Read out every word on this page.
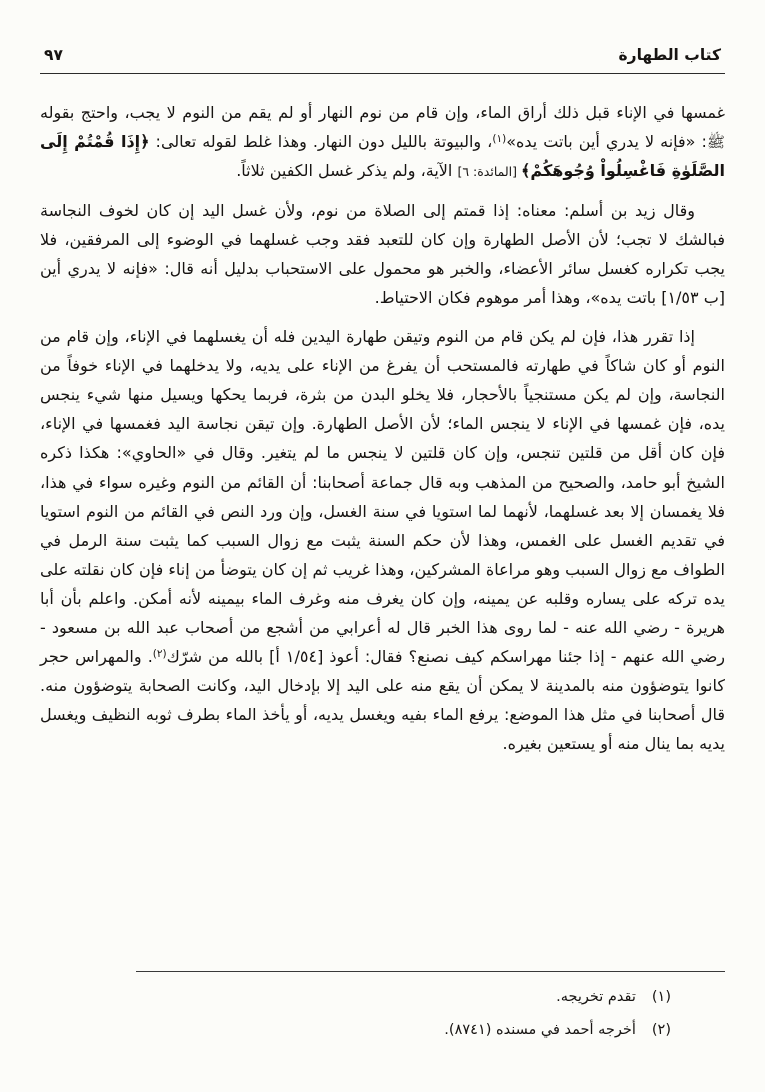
كتاب الطهارة
٩٧

غمسها في الإناء قبل ذلك أراق الماء، وإن قام من نوم النهار أو لم يقم من النوم لا يجب، واحتج بقوله ﷺ: «فإنه لا يدري أين باتت يده»$^{(١)}$، والبيوتة بالليل دون النهار. وهذا غلط لقوله تعالى: ﴿إِذَا قُمْتُمْ إِلَى الصَّلَوٰةِ فَاغْسِلُواْ وُجُوهَكُمْ﴾ [المائدة: ٦] الآية، ولم يذكر غسل الكفين ثلاثاً.

وقال زيد بن أسلم: معناه: إذا قمتم إلى الصلاة من نوم، ولأن غسل اليد إن كان لخوف النجاسة فبالشك لا تجب؛ لأن الأصل الطهارة وإن كان للتعبد فقد وجب غسلهما في الوضوء إلى المرفقين، فلا يجب تكراره كغسل سائر الأعضاء، والخبر هو محمول على الاستحباب بدليل أنه قال: «فإنه لا يدري أين [ب ١/٥٣] باتت يده»، وهذا أمر موهوم فكان الاحتياط.

إذا تقرر هذا، فإن لم يكن قام من النوم وتيقن طهارة اليدين فله أن يغسلهما في الإناء، وإن قام من النوم أو كان شاكاً في طهارته فالمستحب أن يفرغ من الإناء على يديه، ولا يدخلهما في الإناء خوفاً من النجاسة، وإن لم يكن مستنجياً بالأحجار، فلا يخلو البدن من بثرة، فربما يحكها ويسيل منها شيء ينجس يده، فإن غمسها في الإناء لا ينجس الماء؛ لأن الأصل الطهارة. وإن تيقن نجاسة اليد فغمسها في الإناء، فإن كان أقل من قلتين تنجس، وإن كان قلتين لا ينجس ما لم يتغير. وقال في «الحاوي»: هكذا ذكره الشيخ أبو حامد، والصحيح من المذهب وبه قال جماعة أصحابنا: أن القائم من النوم وغيره سواء في هذا، فلا يغمسان إلا بعد غسلهما، لأنهما لما استويا في سنة الغسل، وإن ورد النص في القائم من النوم استويا في تقديم الغسل على الغمس، وهذا لأن حكم السنة يثبت مع زوال السبب كما يثبت سنة الرمل في الطواف مع زوال السبب وهو مراعاة المشركين، وهذا غريب ثم إن كان يتوضأ من إناء فإن كان نقلته على يده تركه على يساره وقلبه عن يمينه، وإن كان يغرف منه وغرف الماء بيمينه لأنه أمكن. واعلم بأن أبا هريرة - رضي الله عنه - لما روى هذا الخبر قال له أعرابي من أشجع من أصحاب عبد الله بن مسعود - رضي الله عنهم - إذا جئنا مهراسكم كيف نصنع؟ فقال: أعوذ [١/٥٤ أ] بالله من شرّك$^{(٢)}$. والمهراس حجر كانوا يتوضؤون منه بالمدينة لا يمكن أن يقع منه على اليد إلا بإدخال اليد، وكانت الصحابة يتوضؤون منه. قال أصحابنا في مثل هذا الموضع: يرفع الماء بفيه ويغسل يديه، أو يأخذ الماء بطرف ثوبه النظيف ويغسل يديه بما ينال منه أو يستعين بغيره.

(١)
تقدم تخريجه.
(٢)
أخرجه أحمد في مسنده (٨٧٤١).
